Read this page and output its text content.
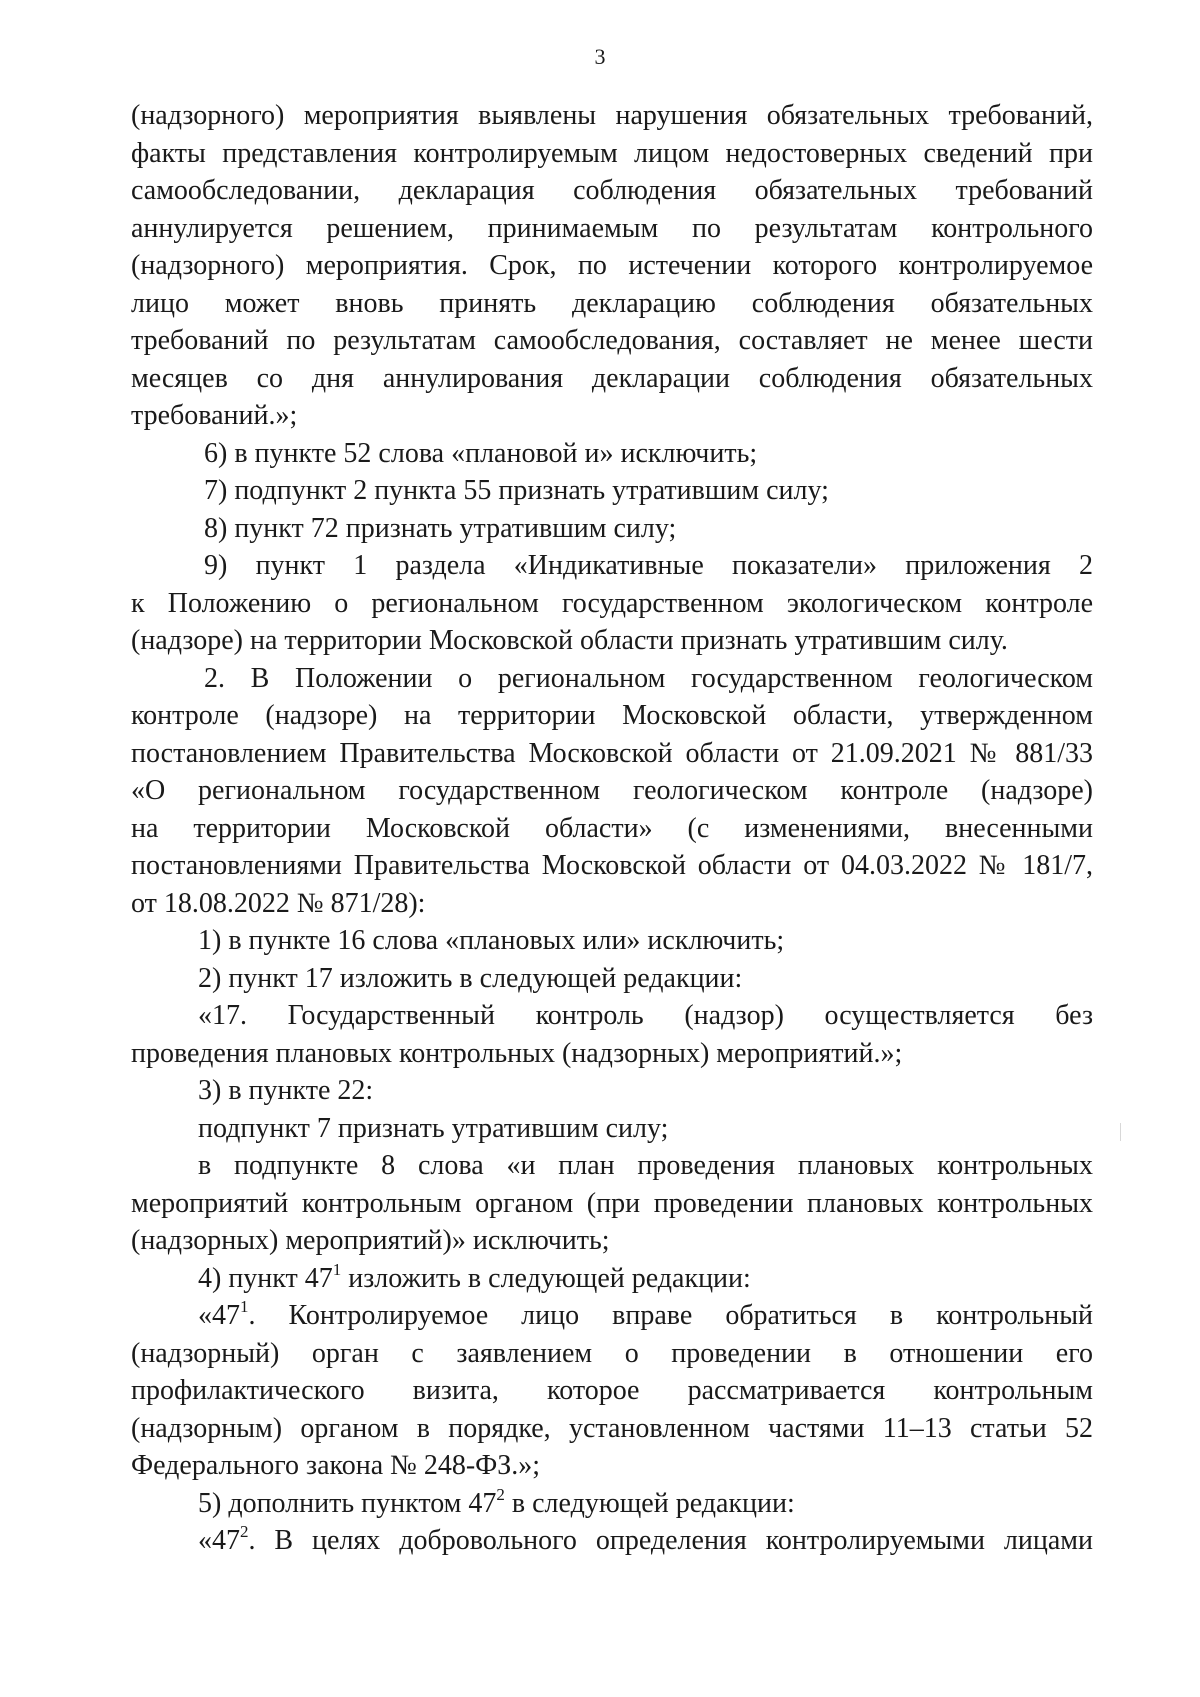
3
(надзорного) мероприятия выявлены нарушения обязательных требований,
факты представления контролируемым лицом недостоверных сведений при
самообследовании, декларация соблюдения обязательных требований
аннулируется решением, принимаемым по результатам контрольного
(надзорного) мероприятия. Срок, по истечении которого контролируемое
лицо может вновь принять декларацию соблюдения обязательных
требований по результатам самообследования, составляет не менее шести
месяцев со дня аннулирования декларации соблюдения обязательных
требований.»;
6) в пункте 52 слова «плановой и» исключить;
7) подпункт 2 пункта 55 признать утратившим силу;
8) пункт 72 признать утратившим силу;
9) пункт 1 раздела «Индикативные показатели» приложения 2
к Положению о региональном государственном экологическом контроле
(надзоре) на территории Московской области признать утратившим силу.
2. В Положении о региональном государственном геологическом
контроле (надзоре) на территории Московской области, утвержденном
постановлением Правительства Московской области от 21.09.2021 № 881/33
«О региональном государственном геологическом контроле (надзоре)
на территории Московской области» (с изменениями, внесенными
постановлениями Правительства Московской области от 04.03.2022 № 181/7,
от 18.08.2022 № 871/28):
1) в пункте 16 слова «плановых или» исключить;
2) пункт 17 изложить в следующей редакции:
«17. Государственный контроль (надзор) осуществляется без
проведения плановых контрольных (надзорных) мероприятий.»;
3) в пункте 22:
подпункт 7 признать утратившим силу;
в подпункте 8 слова «и план проведения плановых контрольных
мероприятий контрольным органом (при проведении плановых контрольных
(надзорных) мероприятий)» исключить;
4) пункт $47^1$ изложить в следующей редакции:
«$47^1$. Контролируемое лицо вправе обратиться в контрольный
(надзорный) орган с заявлением о проведении в отношении его
профилактического визита, которое рассматривается контрольным
(надзорным) органом в порядке, установленном частями 11–13 статьи 52
Федерального закона № 248-ФЗ.»;
5) дополнить пунктом $47^2$ в следующей редакции:
«$47^2$. В целях добровольного определения контролируемыми лицами
